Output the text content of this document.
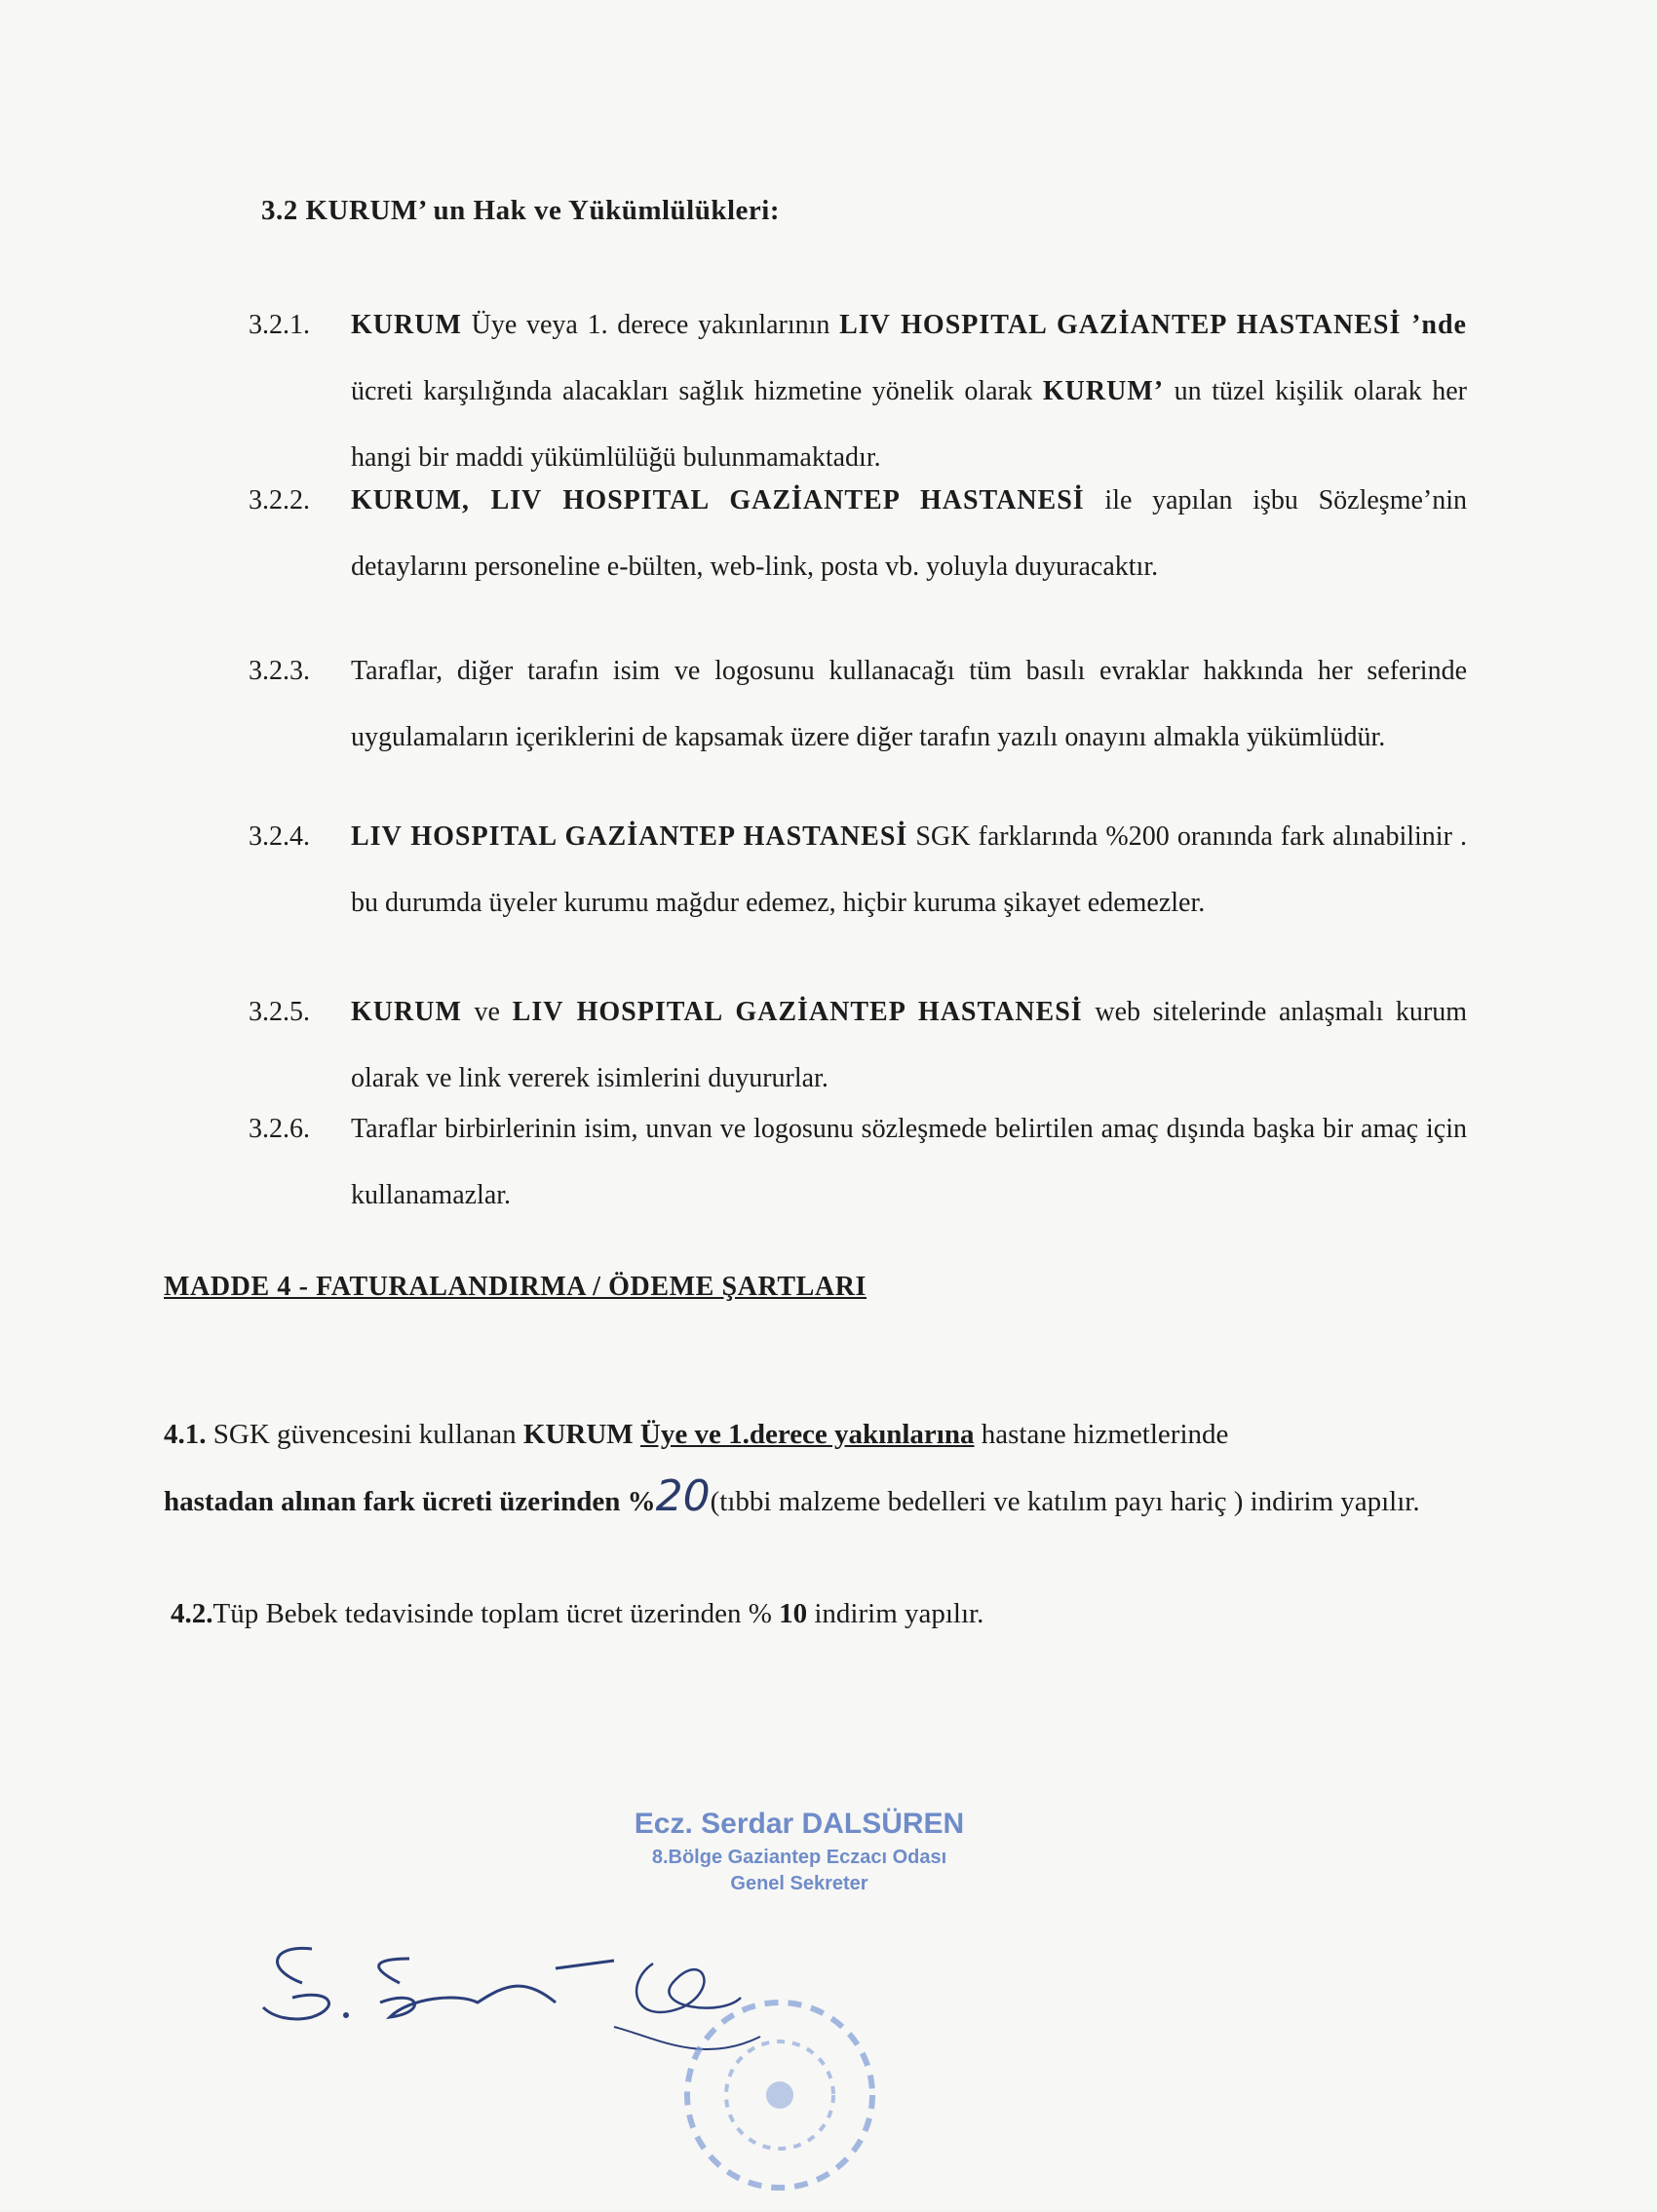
3.2 KURUM’ un Hak ve Yükümlülükleri:
3.2.1.	KURUM Üye veya 1. derece yakınlarının LIV HOSPITAL GAZİANTEP HASTANESİ ’nde ücreti karşılığında alacakları sağlık hizmetine yönelik olarak KURUM’ un tüzel kişilik olarak her hangi bir maddi yükümlülüğü bulunmamaktadır.
3.2.2.	KURUM, LIV HOSPITAL GAZİANTEP HASTANESİ ile yapılan işbu Sözleşme’nin detaylarını personeline e-bülten, web-link, posta vb. yoluyla duyuracaktır.
3.2.3.	Taraflar, diğer tarafın isim ve logosunu kullanacağı tüm basılı evraklar hakkında her seferinde uygulamaların içeriklerini de kapsamak üzere diğer tarafın yazılı onayını almakla yükümlüdür.
3.2.4.	LIV HOSPITAL GAZİANTEP HASTANESİ SGK farklarında %200 oranında fark alınabilinir . bu durumda üyeler kurumu mağdur edemez, hiçbir kuruma şikayet edemezler.
3.2.5.	KURUM ve LIV HOSPITAL GAZİANTEP HASTANESİ web sitelerinde anlaşmalı kurum olarak ve link vererek isimlerini duyururlar.
3.2.6.	Taraflar birbirlerinin isim, unvan ve logosunu sözleşmede belirtilen amaç dışında başka bir amaç için kullanamazlar.
MADDE 4 - FATURALANDIRMA / ÖDEME ŞARTLARI
4.1. SGK güvencesini kullanan KURUM Üye ve 1.derece yakınlarına hastane hizmetlerinde
hastadan alınan fark ücreti üzerinden %20(tıbbi malzeme bedelleri ve katılım payı hariç ) indirim yapılır.
4.2.Tüp Bebek tedavisinde toplam ücret üzerinden % 10 indirim yapılır.
Ecz. Serdar DALSÜREN
8.Bölge Gaziantep Eczacı Odası
Genel Sekreter
